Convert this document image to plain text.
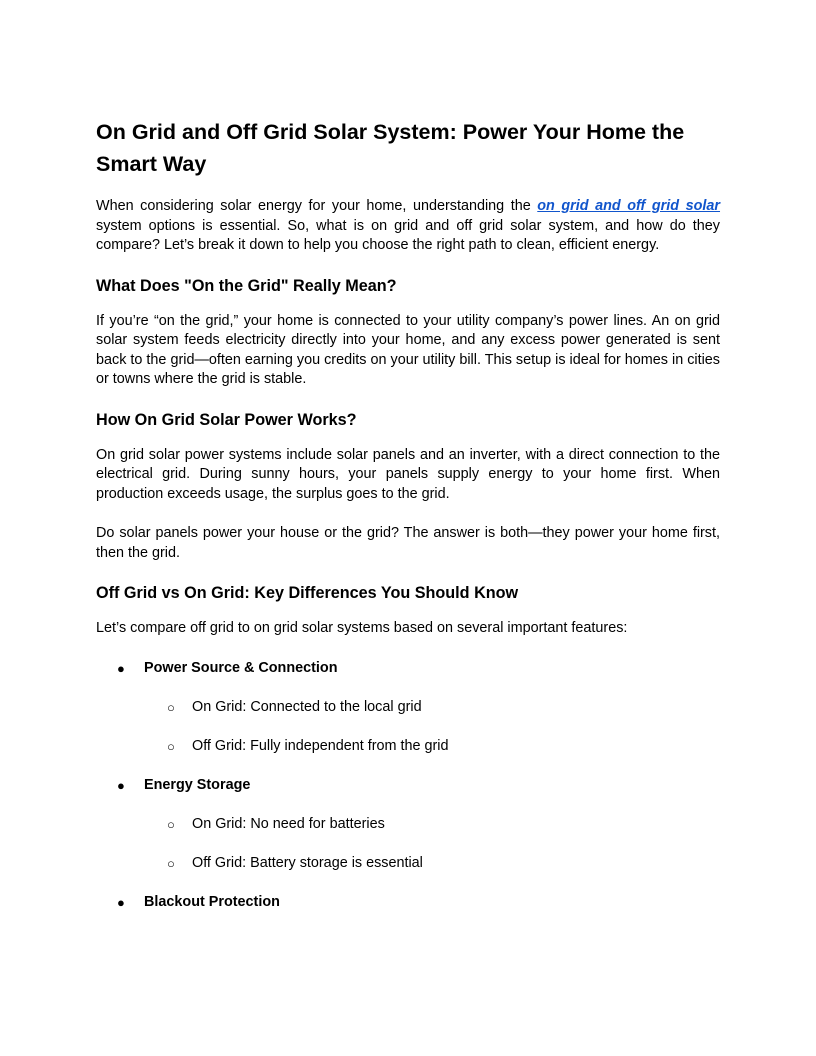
On Grid and Off Grid Solar System: Power Your Home the Smart Way

When considering solar energy for your home, understanding the on grid and off grid solar system options is essential. So, what is on grid and off grid solar system, and how do they compare? Let’s break it down to help you choose the right path to clean, efficient energy.

What Does "On the Grid" Really Mean?

If you’re “on the grid,” your home is connected to your utility company’s power lines. An on grid solar system feeds electricity directly into your home, and any excess power generated is sent back to the grid—often earning you credits on your utility bill. This setup is ideal for homes in cities or towns where the grid is stable.

How On Grid Solar Power Works?

On grid solar power systems include solar panels and an inverter, with a direct connection to the electrical grid. During sunny hours, your panels supply energy to your home first. When production exceeds usage, the surplus goes to the grid.

Do solar panels power your house or the grid? The answer is both—they power your home first, then the grid.

Off Grid vs On Grid: Key Differences You Should Know

Let’s compare off grid to on grid solar systems based on several important features:

● Power Source & Connection
○ On Grid: Connected to the local grid
○ Off Grid: Fully independent from the grid
● Energy Storage
○ On Grid: No need for batteries
○ Off Grid: Battery storage is essential
● Blackout Protection
